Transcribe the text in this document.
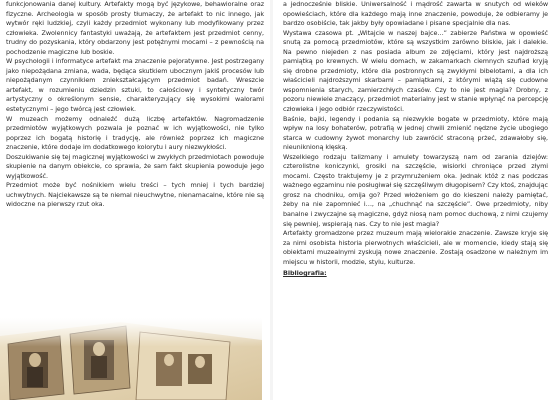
funkcjonowania danej kultury. Artefakty mogą być językowe, behawioralne oraz fizyczne. Archeologia w sposób prosty tłumaczy, że artefakt to nic innego, jak wytwór ręki ludzkiej, czyli każdy przedmiot wykonany lub modyfikowany przez człowieka. Zwolennicy fantastyki uważają, że artefaktem jest przedmiot cenny, trudny do pozyskania, który obdarzony jest potężnymi mocami – z pewnością na pochodzenie magiczne lub boskie.

W psychologii i informatyce artefakt ma znaczenie pejoratywne. Jest postrzegany jako niepożądana zmiana, wada, będąca skutkiem ubocznym jakiś procesów lub niepożądanym czynnikiem zniekształcającym przedmiot badań. Wreszcie artefakt, w rozumieniu dziedzin sztuki, to całościowy i syntetyczny twór artystyczny o określonym sensie, charakteryzujący się wysokimi walorami estetycznymi – jego twórcą jest człowiek.

W muzeach możemy odnaleźć dużą liczbę artefaktów. Nagromadzenie przedmiotów wyjątkowych pozwala je poznać w ich wyjątkowości, nie tylko poprzez ich bogatą historię i tradycję, ale również poprzez ich magiczne znaczenie, które dodaje im dodatkowego kolorytu i aury niezwykłości.

Doszukiwanie się tej magicznej wyjątkowości w zwykłych przedmiotach powoduje skupienie na danym obiekcie, co sprawia, że sam fakt skupienia powoduje jego wyjątkowość.

Przedmiot może być nośnikiem wielu treści – tych mniej i tych bardziej uchwytnych. Najciekawsze są te niemal nieuchwytne, nienamacalne, które nie są widoczne na pierwszy rzut oka.

a jednocześnie bliskie. Uniwersalność i mądrość zawarta w snutych od wieków opowieściach, które dla każdego mają inne znaczenie, powoduje, że odbieramy je bardzo osobiście, tak jakby były opowiadane i pisane specjalnie dla nas.

Wystawa czasowa pt. „Witajcie w naszej bajce…” zabierze Państwa w opowieść snutą za pomocą przedmiotów, które są wszystkim zarówno bliskie, jak i dalekie. Na pewno niejeden z nas posiada album ze zdjęciami, który jest najdroższą pamiątką po krewnych. W wielu domach, w zakamarkach ciemnych szuflad kryją się drobne przedmioty, które dla postronnych są zwykłymi bibelotami, a dla ich właścicieli najdroższymi skarbami – pamiątkami, z którymi wiążą się cudowne wspomnienia starych, zamierzchłych czasów. Czy to nie jest magia? Drobny, z pozoru niewiele znaczący, przedmiot materialny jest w stanie wpłynąć na percepcję człowieka i jego odbiór rzeczywistości.

Baśnie, bajki, legendy i podania są niezwykle bogate w przedmioty, które mają wpływ na losy bohaterów, potrafią w jednej chwili zmienić nędzne życie ubogiego starca w cudowny żywot monarchy lub zawrócić straconą prżeć, zdawałoby się, nieuniknioną klęską.

Wszelkiego rodzaju talizmany i amulety towarzyszą nam od zarania dziejów: czterolistne koniczynki, grosiki na szczęście, wisiorki chroniące przed złymi mocami. Często traktujemy je z przymrużeniem oka. Jednak któż z nas podczas ważnego egzaminu nie posługiwał się szczęśliwym długopisem? Czy ktoś, znajdując grosz na chodniku, omija go? Przed włożeniem go do kieszeni należy pamiętać, żeby na nie zapomnieć i…, na „chuchnąć na szczęście”. Owe przedmioty, niby banalne i zwyczajne są magiczne, gdyż niosą nam pomoc duchową, z nimi czujemy się pewniej, wspierają nas. Czy to nie jest magia?

Artefakty gromadzone przez muzeum mają wielorakie znaczenie. Zawsze kryje się za nimi osobista historia pierwotnych właścicieli, ale w momencie, kiedy stają się obiektami muzealnymi zyskują nowe znaczenie. Zostają osadzone w należnym im miejscu w historii, modzie, stylu, kulturze.

Bibliografia:
